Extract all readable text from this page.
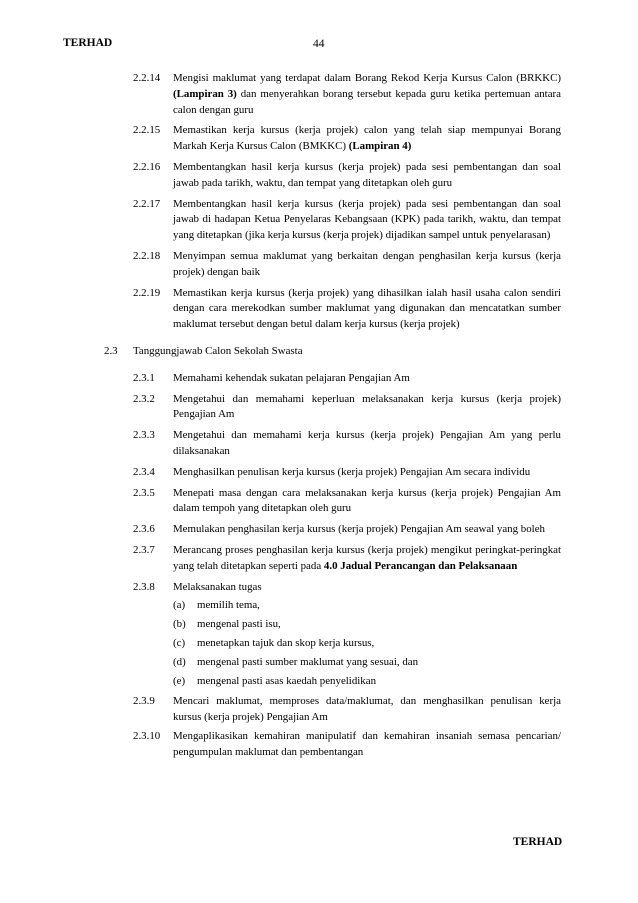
TERHAD	44
2.2.14 Mengisi maklumat yang terdapat dalam Borang Rekod Kerja Kursus Calon (BRKKC) (Lampiran 3) dan menyerahkan borang tersebut kepada guru ketika pertemuan antara calon dengan guru
2.2.15 Memastikan kerja kursus (kerja projek) calon yang telah siap mempunyai Borang Markah Kerja Kursus Calon (BMKKC) (Lampiran 4)
2.2.16 Membentangkan hasil kerja kursus (kerja projek) pada sesi pembentangan dan soal jawab pada tarikh, waktu, dan tempat yang ditetapkan oleh guru
2.2.17 Membentangkan hasil kerja kursus (kerja projek) pada sesi pembentangan dan soal jawab di hadapan Ketua Penyelaras Kebangsaan (KPK) pada tarikh, waktu, dan tempat yang ditetapkan (jika kerja kursus (kerja projek) dijadikan sampel untuk penyelarasan)
2.2.18 Menyimpan semua maklumat yang berkaitan dengan penghasilan kerja kursus (kerja projek) dengan baik
2.2.19 Memastikan kerja kursus (kerja projek) yang dihasilkan ialah hasil usaha calon sendiri dengan cara merekodkan sumber maklumat yang digunakan dan mencatatkan sumber maklumat tersebut dengan betul dalam kerja kursus (kerja projek)
2.3 Tanggungjawab Calon Sekolah Swasta
2.3.1 Memahami kehendak sukatan pelajaran Pengajian Am
2.3.2 Mengetahui dan memahami keperluan melaksanakan kerja kursus (kerja projek) Pengajian Am
2.3.3 Mengetahui dan memahami kerja kursus (kerja projek) Pengajian Am yang perlu dilaksanakan
2.3.4 Menghasilkan penulisan kerja kursus (kerja projek) Pengajian Am secara individu
2.3.5 Menepati masa dengan cara melaksanakan kerja kursus (kerja projek) Pengajian Am dalam tempoh yang ditetapkan oleh guru
2.3.6 Memulakan penghasilan kerja kursus (kerja projek) Pengajian Am seawal yang boleh
2.3.7 Merancang proses penghasilan kerja kursus (kerja projek) mengikut peringkat-peringkat yang telah ditetapkan seperti pada 4.0 Jadual Perancangan dan Pelaksanaan
2.3.8 Melaksanakan tugas
(a) memilih tema,
(b) mengenal pasti isu,
(c) menetapkan tajuk dan skop kerja kursus,
(d) mengenal pasti sumber maklumat yang sesuai, dan
(e) mengenal pasti asas kaedah penyelidikan
2.3.9 Mencari maklumat, memproses data/maklumat, dan menghasilkan penulisan kerja kursus (kerja projek) Pengajian Am
2.3.10 Mengaplikasikan kemahiran manipulatif dan kemahiran insaniah semasa pencarian/ pengumpulan maklumat dan pembentangan
TERHAD
